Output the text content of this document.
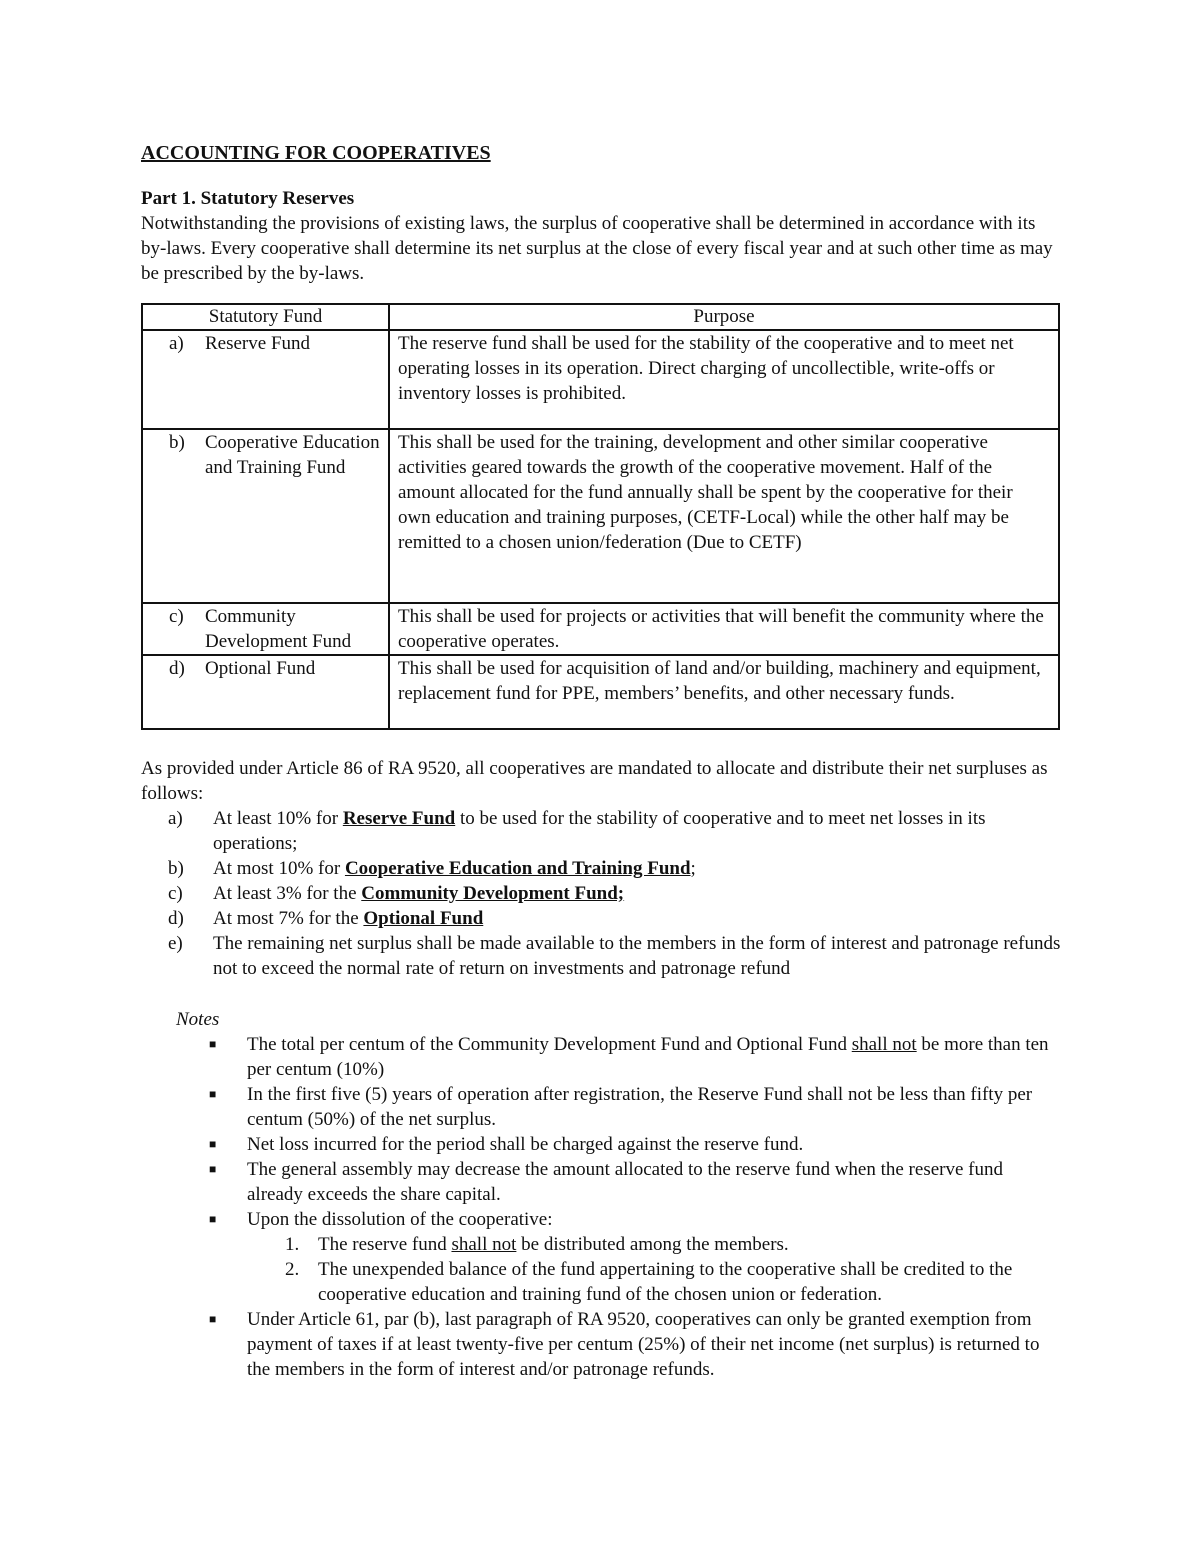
ACCOUNTING FOR COOPERATIVES

Part 1. Statutory Reserves

Notwithstanding the provisions of existing laws, the surplus of cooperative shall be determined in accordance with its by-laws. Every cooperative shall determine its net surplus at the close of every fiscal year and at such other time as may be prescribed by the by-laws.

Statutory Fund	Purpose

a) Reserve Fund	The reserve fund shall be used for the stability of the cooperative and to meet net operating losses in its operation. Direct charging of uncollectible, write-offs or inventory losses is prohibited.

b) Cooperative Education and Training Fund	This shall be used for the training, development and other similar cooperative activities geared towards the growth of the cooperative movement. Half of the amount allocated for the fund annually shall be spent by the cooperative for their own education and training purposes, (CETF-Local) while the other half may be remitted to a chosen union/federation (Due to CETF)

c) Community Development Fund	This shall be used for projects or activities that will benefit the community where the cooperative operates.

d) Optional Fund	This shall be used for acquisition of land and/or building, machinery and equipment, replacement fund for PPE, members’ benefits, and other necessary funds.

As provided under Article 86 of RA 9520, all cooperatives are mandated to allocate and distribute their net surpluses as follows:

a)	At least 10% for Reserve Fund to be used for the stability of cooperative and to meet net losses in its operations;
b)	At most 10% for Cooperative Education and Training Fund;
c)	At least 3% for the Community Development Fund;
d)	At most 7% for the Optional Fund
e)	The remaining net surplus shall be made available to the members in the form of interest and patronage refunds not to exceed the normal rate of return on investments and patronage refund

Notes

■	The total per centum of the Community Development Fund and Optional Fund shall not be more than ten per centum (10%)
■	In the first five (5) years of operation after registration, the Reserve Fund shall not be less than fifty per centum (50%) of the net surplus.
■	Net loss incurred for the period shall be charged against the reserve fund.
■	The general assembly may decrease the amount allocated to the reserve fund when the reserve fund already exceeds the share capital.
■	Upon the dissolution of the cooperative:
1. The reserve fund shall not be distributed among the members.
2. The unexpended balance of the fund appertaining to the cooperative shall be credited to the cooperative education and training fund of the chosen union or federation.
■	Under Article 61, par (b), last paragraph of RA 9520, cooperatives can only be granted exemption from payment of taxes if at least twenty-five per centum (25%) of their net income (net surplus) is returned to the members in the form of interest and/or patronage refunds.
